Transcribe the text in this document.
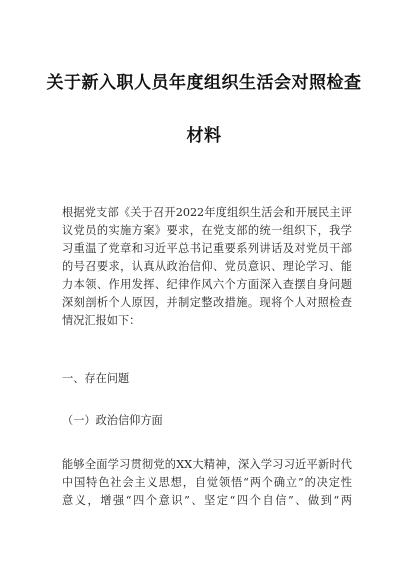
关于新入职人员年度组织生活会对照检查
材料
根据党支部《关于召开2022年度组织生活会和开展民主评
议党员的实施方案》要求，在党支部的统一组织下，我学
习重温了党章和习近平总书记重要系列讲话及对党员干部
的号召要求，认真从政治信仰、党员意识、理论学习、能
力本领、作用发挥、纪律作风六个方面深入查摆自身问题
深刻剖析个人原因，并制定整改措施。现将个人对照检查
情况汇报如下：
一、存在问题
（一）政治信仰方面
能够全面学习贯彻党的XX大精神，深入学习习近平新时代
中国特色社会主义思想，自觉领悟“两个确立”的决定性
意义，增强“四个意识”、坚定“四个自信”、做到“两
